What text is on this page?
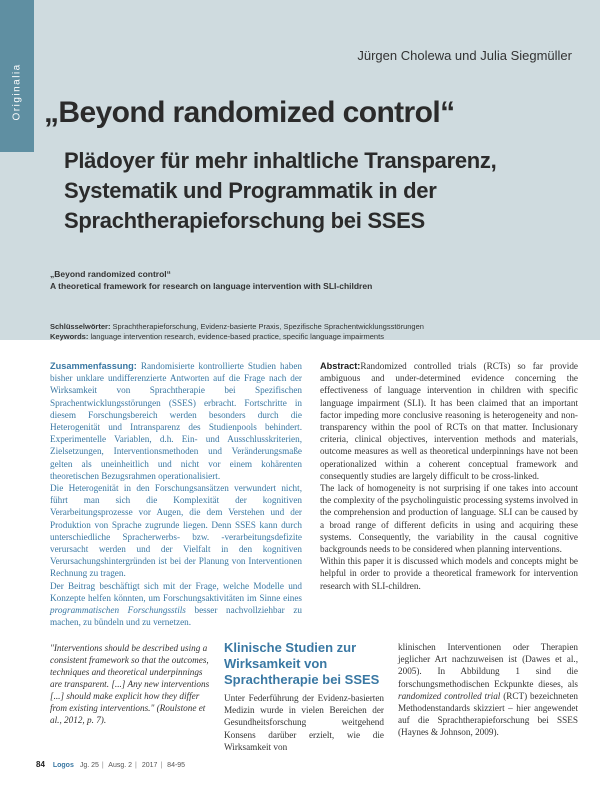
Originalia
Jürgen Cholewa und Julia Siegmüller
„Beyond randomized control“
Plädoyer für mehr inhaltliche Transparenz, Systematik und Programmatik in der Sprachtherapieforschung bei SSES
„Beyond randomized control“
A theoretical framework for research on language intervention with SLI-children
Schlüsselwörter: Sprachtherapieforschung, Evidenz-basierte Praxis, Spezifische Sprachentwicklungsstörungen
Keywords: language intervention research, evidence-based practice, specific language impairments

Zusammenfassung: Randomisierte kontrollierte Studien haben bisher unklare undifferenzierte Antworten auf die Frage nach der Wirksamkeit von Sprachtherapie bei Spezifischen Sprachentwicklungsstörungen (SSES) erbracht. Fortschritte in diesem Forschungsbereich werden besonders durch die Heterogenität und Intransparenz des Studienpools behindert. Experimentelle Variablen, d.h. Ein- und Ausschlusskriterien, Zielsetzungen, Interventionsmethoden und Veränderungsmaße gelten als uneinheitlich und nicht vor einem kohärenten theoretischen Bezugsrahmen operationalisiert.

Die Heterogenität in den Forschungsansätzen verwundert nicht, führt man sich die Komplexität der kognitiven Verarbeitungsprozesse vor Augen, die dem Verstehen und der Produktion von Sprache zugrunde liegen. Denn SSES kann durch unterschiedliche Spracherwerbs- bzw. -verarbeitungsdefizite verursacht werden und der Vielfalt in den kognitiven Verursachungshintergründen ist bei der Planung von Interventionen Rechnung zu tragen.

Der Beitrag beschäftigt sich mit der Frage, welche Modelle und Konzepte helfen könnten, um Forschungsaktivitäten im Sinne eines programmatischen Forschungsstils besser nachvollziehbar zu machen, zu bündeln und zu vernetzen.

Abstract:Randomized controlled trials (RCTs) so far provide ambiguous and under-determined evidence concerning the effectiveness of language intervention in children with specific language impairment (SLI). It has been claimed that an important factor impeding more conclusive reasoning is heterogeneity and non-transparency within the pool of RCTs on that matter. Inclusionary criteria, clinical objectives, intervention methods and materials, outcome measures as well as theoretical underpinnings have not been operationalized within a coherent conceptual framework and consequently studies are largely difficult to be cross-linked.

The lack of homogeneity is not surprising if one takes into account the complexity of the psycholinguistic processing systems involved in the comprehension and production of language. SLI can be caused by a broad range of different deficits in using and acquiring these systems. Consequently, the variability in the causal cognitive backgrounds needs to be considered when planning interventions.

Within this paper it is discussed which models and concepts might be helpful in order to provide a theoretical framework for intervention research with SLI-children.

"Interventions should be described using a consistent framework so that the outcomes, techniques and theoretical underpinnings are transparent. [...] Any new interventions [...] should make explicit how they differ from existing interventions." (Roulstone et al., 2012, p. 7).
Klinische Studien zur Wirksamkeit von Sprachtherapie bei SSES
Unter Federführung der Evidenz-basierten Medizin wurde in vielen Bereichen der Gesundheitsforschung weitgehend Konsens darüber erzielt, wie die Wirksamkeit von
klinischen Interventionen oder Therapien jeglicher Art nachzuweisen ist (Dawes et al., 2005). In Abbildung 1 sind die forschungsmethodischen Eckpunkte dieses, als randomized controlled trial (RCT) bezeichneten Methodenstandards skizziert – hier angewendet auf die Sprachtherapieforschung bei SSES (Haynes & Johnson, 2009).
84 Logos Jg. 25 | Ausg. 2 | 2017 | 84-95
